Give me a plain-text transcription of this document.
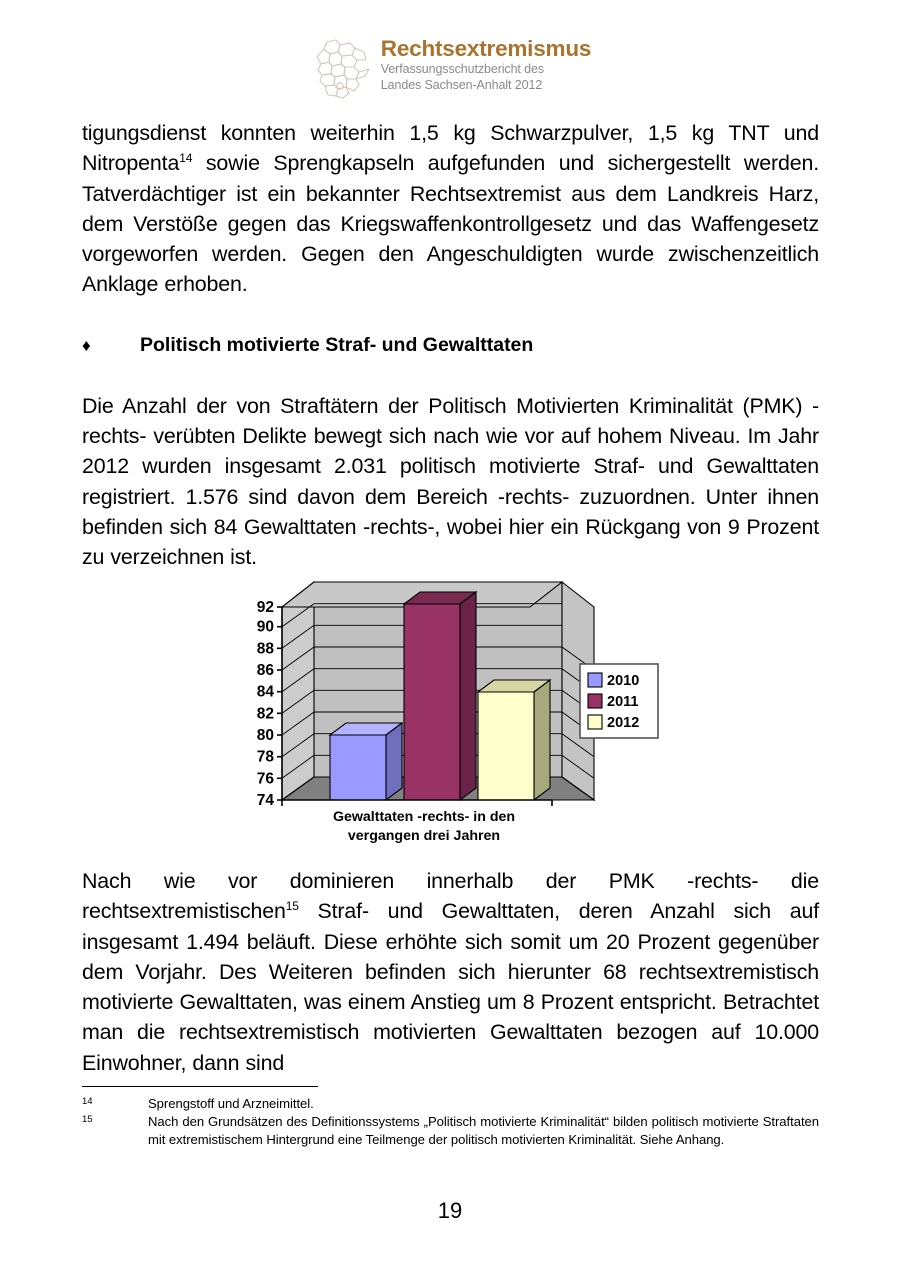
Rechtsextremismus
Verfassungsschutzbericht des
Landes Sachsen-Anhalt 2012

tigungsdienst konnten weiterhin 1,5 kg Schwarzpulver, 1,5 kg TNT und Nitropenta$^{14}$ sowie Sprengkapseln aufgefunden und sichergestellt werden. Tatverdächtiger ist ein bekannter Rechtsextremist aus dem Landkreis Harz, dem Verstöße gegen das Kriegswaffenkontrollgesetz und das Waffengesetz vorgeworfen werden. Gegen den Angeschuldigten wurde zwischenzeitlich Anklage erhoben.

♦	Politisch motivierte Straf- und Gewalttaten

Die Anzahl der von Straftätern der Politisch Motivierten Kriminalität (PMK) -rechts- verübten Delikte bewegt sich nach wie vor auf hohem Niveau. Im Jahr 2012 wurden insgesamt 2.031 politisch motivierte Straf- und Gewalttaten registriert. 1.576 sind davon dem Bereich -rechts- zuzuordnen. Unter ihnen befinden sich 84 Gewalttaten -rechts-, wobei hier ein Rückgang von 9 Prozent zu verzeichnen ist.

74
76
78
80
82
84
86
88
90
92
2010
2011
2012
Gewalttaten -rechts- in den
vergangen drei Jahren

Nach wie vor dominieren innerhalb der PMK -rechts- die rechtsextremistischen$^{15}$ Straf- und Gewalttaten, deren Anzahl sich auf insgesamt 1.494 beläuft. Diese erhöhte sich somit um 20 Prozent gegenüber dem Vorjahr. Des Weiteren befinden sich hierunter 68 rechtsextremistisch motivierte Gewalttaten, was einem Anstieg um 8 Prozent entspricht. Betrachtet man die rechtsextremistisch motivierten Gewalttaten bezogen auf 10.000 Einwohner, dann sind

14	Sprengstoff und Arzneimittel.
15	Nach den Grundsätzen des Definitionssystems „Politisch motivierte Kriminalität“ bilden politisch motivierte Straftaten mit extremistischem Hintergrund eine Teilmenge der politisch motivierten Kriminalität. Siehe Anhang.
19
